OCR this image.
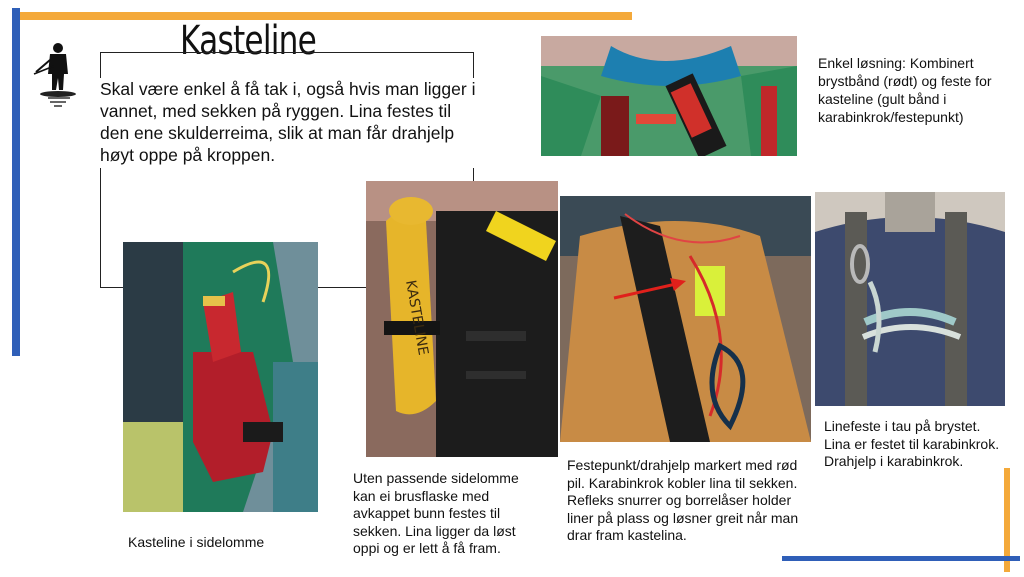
Kasteline
Skal være enkel å få tak i, også hvis man ligger i vannet, med sekken på ryggen. Lina festes til den ene skulderreima, slik at man får drahjelp høyt oppe på kroppen.
Enkel løsning: Kombinert brystbånd (rødt) og feste for kasteline (gult bånd i karabinkrok/festepunkt)
Kasteline i sidelomme
KASTELINE
Uten passende sidelomme kan ei brusflaske med avkappet bunn festes til sekken. Lina ligger da løst oppi og er lett å få fram.
Festepunkt/drahjelp markert med rød pil. Karabinkrok kobler lina til sekken. Refleks snurrer og borrelåser holder liner på plass og løsner greit når man drar fram kastelina.
Linefeste i tau på brystet. Lina er festet til karabinkrok. Drahjelp i karabinkrok.
